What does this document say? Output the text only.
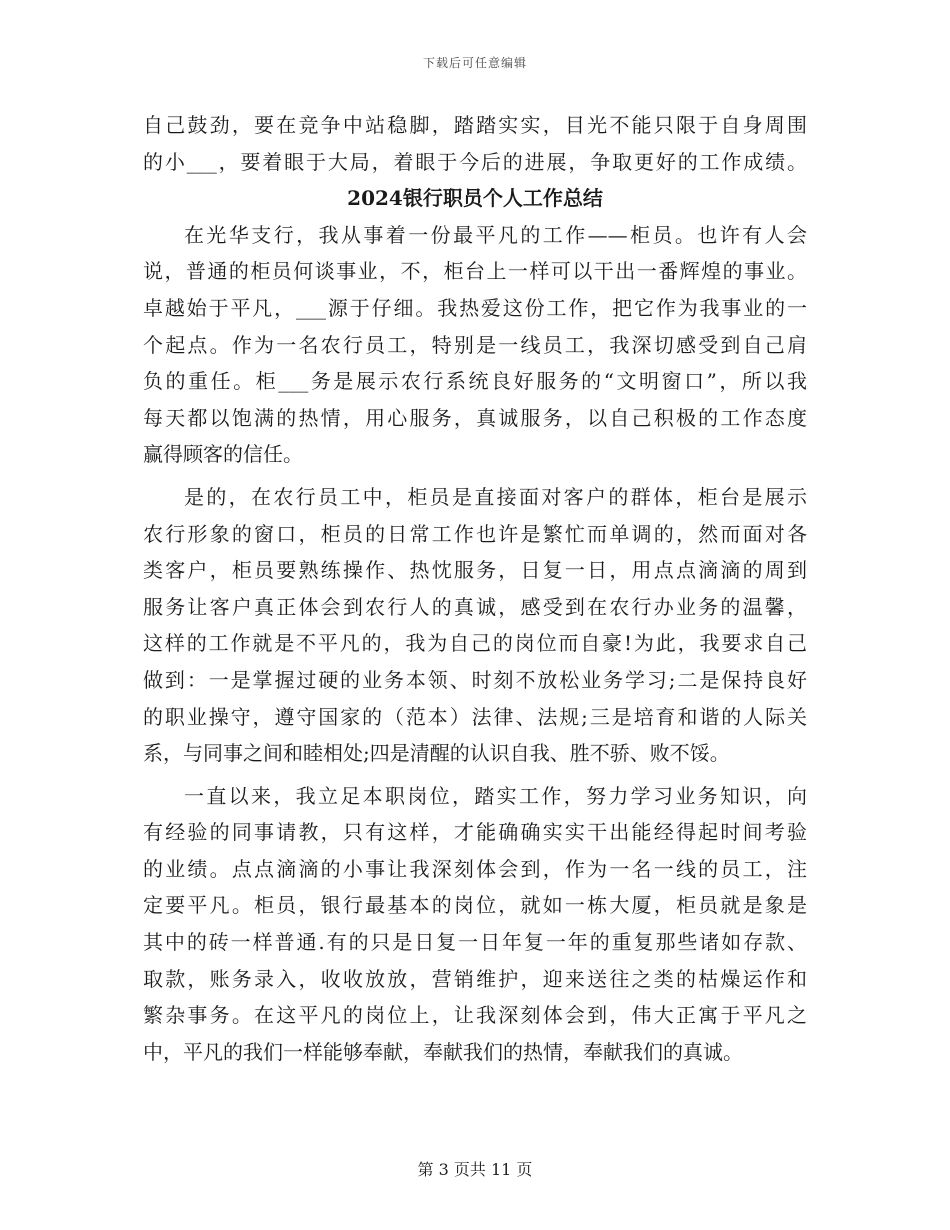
下载后可任意编辑
自己鼓劲，要在竞争中站稳脚，踏踏实实，目光不能只限于自身周围
的小___，要着眼于大局，着眼于今后的进展，争取更好的工作成绩。
2024银行职员个人工作总结
在光华支行，我从事着一份最平凡的工作——柜员。也许有人会
说，普通的柜员何谈事业，不，柜台上一样可以干出一番辉煌的事业。
卓越始于平凡，___源于仔细。我热爱这份工作，把它作为我事业的一
个起点。作为一名农行员工，特别是一线员工，我深切感受到自己肩
负的重任。柜___务是展示农行系统良好服务的“文明窗口”，所以我
每天都以饱满的热情，用心服务，真诚服务，以自己积极的工作态度
赢得顾客的信任。
是的，在农行员工中，柜员是直接面对客户的群体，柜台是展示
农行形象的窗口，柜员的日常工作也许是繁忙而单调的，然而面对各
类客户，柜员要熟练操作、热忱服务，日复一日，用点点滴滴的周到
服务让客户真正体会到农行人的真诚，感受到在农行办业务的温馨，
这样的工作就是不平凡的，我为自己的岗位而自豪!为此，我要求自己
做到：一是掌握过硬的业务本领、时刻不放松业务学习;二是保持良好
的职业操守，遵守国家的（范本）法律、法规;三是培育和谐的人际关
系，与同事之间和睦相处;四是清醒的认识自我、胜不骄、败不馁。
一直以来，我立足本职岗位，踏实工作，努力学习业务知识，向
有经验的同事请教，只有这样，才能确确实实干出能经得起时间考验
的业绩。点点滴滴的小事让我深刻体会到，作为一名一线的员工，注
定要平凡。柜员，银行最基本的岗位，就如一栋大厦，柜员就是象是
其中的砖一样普通.有的只是日复一日年复一年的重复那些诸如存款、
取款，账务录入，收收放放，营销维护，迎来送往之类的枯燥运作和
繁杂事务。在这平凡的岗位上，让我深刻体会到，伟大正寓于平凡之
中，平凡的我们一样能够奉献，奉献我们的热情，奉献我们的真诚。
第 3 页共 11 页
